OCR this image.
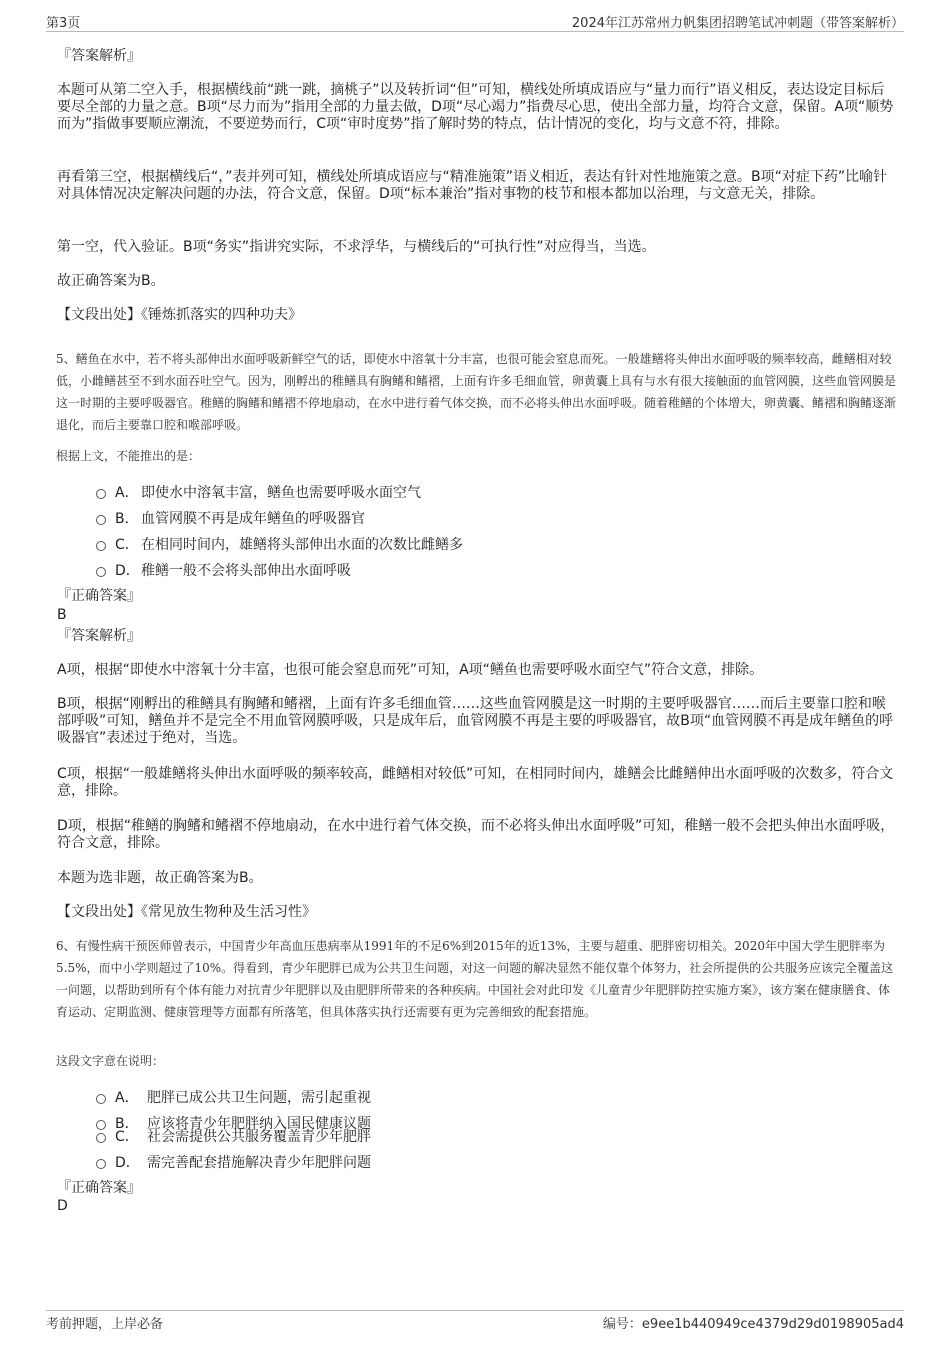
第3页	2024年江苏常州力帆集团招聘笔试冲刺题（带答案解析）
『答案解析』
本题可从第二空入手，根据横线前“跳一跳，摘桃子”以及转折词“但”可知，横线处所填成语应与“量力而行”语义相反，表达设定目标后要尽全部的力量之意。B项“尽力而为”指用全部的力量去做，D项“尽心竭力”指费尽心思，使出全部力量，均符合文意，保留。A项“顺势而为”指做事要顺应潮流，不要逆势而行，C项“审时度势”指了解时势的特点，估计情况的变化，均与文意不符，排除。
再看第三空，根据横线后“，”表并列可知，横线处所填成语应与“精准施策”语义相近，表达有针对性地施策之意。B项“对症下药”比喻针对具体情况决定解决问题的办法，符合文意，保留。D项“标本兼治”指对事物的枝节和根本都加以治理，与文意无关，排除。
第一空，代入验证。B项“务实”指讲究实际，不求浮华，与横线后的“可执行性”对应得当，当选。
故正确答案为B。
【文段出处】《锤炼抓落实的四种功夫》
5、鳝鱼在水中，若不将头部伸出水面呼吸新鲜空气的话，即使水中溶氧十分丰富，也很可能会窒息而死。一般雄鳝将头伸出水面呼吸的频率较高，雌鳝相对较低，小雌鳝甚至不到水面吞吐空气。因为，刚孵出的稚鳝具有胸鳍和鳍褶，上面有许多毛细血管，卵黄囊上具有与水有很大接触面的血管网膜，这些血管网膜是这一时期的主要呼吸器官。稚鳝的胸鳍和鳍褶不停地扇动，在水中进行着气体交换，而不必将头伸出水面呼吸。随着稚鳝的个体增大，卵黄囊、鳍褶和胸鳍逐渐退化，而后主要靠口腔和喉部呼吸。
根据上文，不能推出的是：
A． 即使水中溶氧丰富，鳝鱼也需要呼吸水面空气
B． 血管网膜不再是成年鳝鱼的呼吸器官
C． 在相同时间内，雄鳝将头部伸出水面的次数比雌鳝多
D． 稚鳝一般不会将头部伸出水面呼吸
『正确答案』
B
『答案解析』
A项，根据“即使水中溶氧十分丰富，也很可能会窒息而死”可知，A项“鳝鱼也需要呼吸水面空气”符合文意，排除。
B项，根据“刚孵出的稚鳝具有胸鳍和鳍褶，上面有许多毛细血管……这些血管网膜是这一时期的主要呼吸器官……而后主要靠口腔和喉部呼吸”可知，鳝鱼并不是完全不用血管网膜呼吸，只是成年后，血管网膜不再是主要的呼吸器官，故B项“血管网膜不再是成年鳝鱼的呼吸器官”表述过于绝对，当选。
C项，根据“一般雄鳝将头伸出水面呼吸的频率较高，雌鳝相对较低”可知，在相同时间内，雄鳝会比雌鳝伸出水面呼吸的次数多，符合文意，排除。
D项，根据“稚鳝的胸鳍和鳍褶不停地扇动，在水中进行着气体交换，而不必将头伸出水面呼吸”可知，稚鳝一般不会把头伸出水面呼吸，符合文意，排除。
本题为选非题，故正确答案为B。
【文段出处】《常见放生物种及生活习性》
6、有慢性病干预医师曾表示，中国青少年高血压患病率从1991年的不足6%到2015年的近13%，主要与超重、肥胖密切相关。2020年中国大学生肥胖率为5.5%，而中小学则超过了10%。得看到，青少年肥胖已成为公共卫生问题，对这一问题的解决显然不能仅靠个体努力，社会所提供的公共服务应该完全覆盖这一问题，以帮助到所有个体有能力对抗青少年肥胖以及由肥胖所带来的各种疾病。中国社会对此印发《儿童青少年肥胖防控实施方案》，该方案在健康膳食、体育运动、定期监测、健康管理等方面都有所落笔，但具体落实执行还需要有更为完善细致的配套措施。
这段文字意在说明：
A． 肥胖已成公共卫生问题，需引起重视
B． 应该将青少年肥胖纳入国民健康议题
C． 社会需提供公共服务覆盖青少年肥胖
D． 需完善配套措施解决青少年肥胖问题
『正确答案』
D
考前押题，上岸必备	编号：e9ee1b440949ce4379d29d0198905ad4
